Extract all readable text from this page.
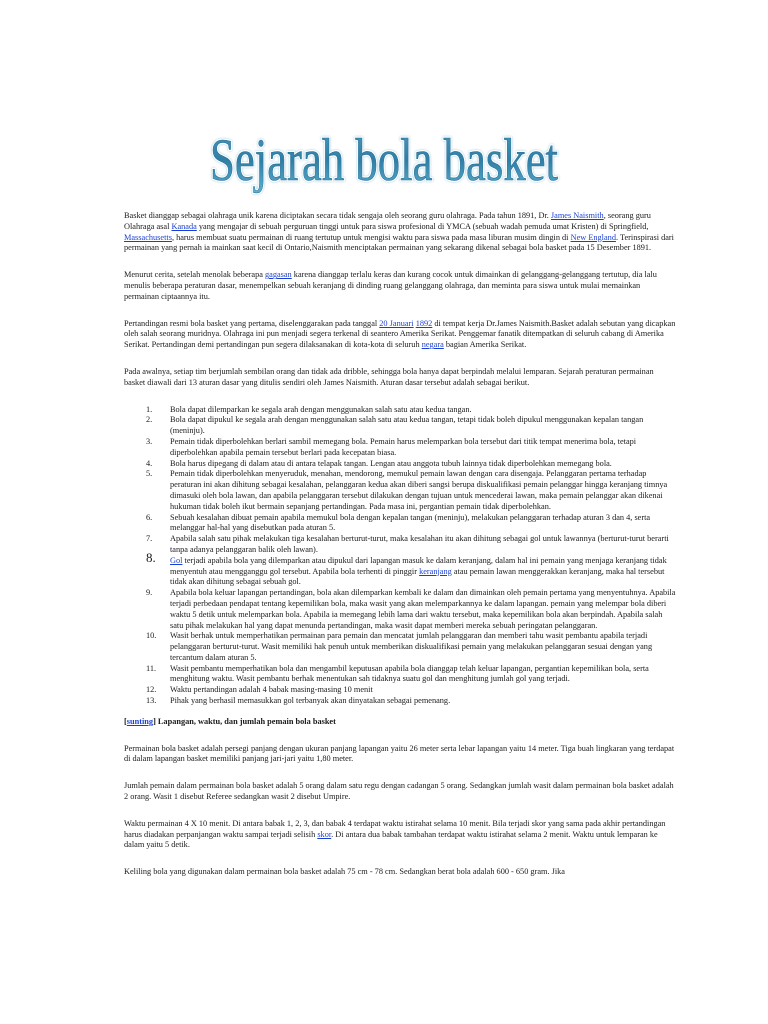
Sejarah bola basket
Sejarah bola basket

Basket dianggap sebagai olahraga unik karena diciptakan secara tidak sengaja oleh seorang guru olahraga. Pada tahun 1891, Dr. James Naismith, seorang guru Olahraga asal Kanada yang mengajar di sebuah perguruan tinggi untuk para siswa profesional di YMCA (sebuah wadah pemuda umat Kristen) di Springfield, Massachusetts, harus membuat suatu permainan di ruang tertutup untuk mengisi waktu para siswa pada masa liburan musim dingin di New England. Terinspirasi dari permainan yang pernah ia mainkan saat kecil di Ontario,Naismith menciptakan permainan yang sekarang dikenal sebagai bola basket pada 15 Desember 1891.

Menurut cerita, setelah menolak beberapa gagasan karena dianggap terlalu keras dan kurang cocok untuk dimainkan di gelanggang-gelanggang tertutup, dia lalu menulis beberapa peraturan dasar, menempelkan sebuah keranjang di dinding ruang gelanggang olahraga, dan meminta para siswa untuk mulai memainkan permainan ciptaannya itu.

Pertandingan resmi bola basket yang pertama, diselenggarakan pada tanggal 20 Januari 1892 di tempat kerja Dr.James Naismith.Basket adalah sebutan yang dicapkan oleh salah seorang muridnya. Olahraga ini pun menjadi segera terkenal di seantero Amerika Serikat. Penggemar fanatik ditempatkan di seluruh cabang di Amerika Serikat. Pertandingan demi pertandingan pun segera dilaksanakan di kota-kota di seluruh negara bagian Amerika Serikat.

Pada awalnya, setiap tim berjumlah sembilan orang dan tidak ada dribble, sehingga bola hanya dapat berpindah melalui lemparan. Sejarah peraturan permainan basket diawali dari 13 aturan dasar yang ditulis sendiri oleh James Naismith. Aturan dasar tersebut adalah sebagai berikut.

1. Bola dapat dilemparkan ke segala arah dengan menggunakan salah satu atau kedua tangan.
2. Bola dapat dipukul ke segala arah dengan menggunakan salah satu atau kedua tangan, tetapi tidak boleh dipukul menggunakan kepalan tangan (meninju).
3. Pemain tidak diperbolehkan berlari sambil memegang bola. Pemain harus melemparkan bola tersebut dari titik tempat menerima bola, tetapi diperbolehkan apabila pemain tersebut berlari pada kecepatan biasa.
4. Bola harus dipegang di dalam atau di antara telapak tangan. Lengan atau anggota tubuh lainnya tidak diperbolehkan memegang bola.
5. Pemain tidak diperbolehkan menyeruduk, menahan, mendorong, memukul pemain lawan dengan cara disengaja. Pelanggaran pertama terhadap peraturan ini akan dihitung sebagai kesalahan, pelanggaran kedua akan diberi sangsi berupa diskualifikasi pemain pelanggar hingga keranjang timnya dimasuki oleh bola lawan, dan apabila pelanggaran tersebut dilakukan dengan tujuan untuk mencederai lawan, maka pemain pelanggar akan dikenai hukuman tidak boleh ikut bermain sepanjang pertandingan. Pada masa ini, pergantian pemain tidak diperbolehkan.
6. Sebuah kesalahan dibuat pemain apabila memukul bola dengan kepalan tangan (meninju), melakukan pelanggaran terhadap aturan 3 dan 4, serta melanggar hal-hal yang disebutkan pada aturan 5.
7. Apabila salah satu pihak melakukan tiga kesalahan berturut-turut, maka kesalahan itu akan dihitung sebagai gol untuk lawannya (berturut-turut berarti tanpa adanya pelanggaran balik oleh lawan).
8. Gol terjadi apabila bola yang dilemparkan atau dipukul dari lapangan masuk ke dalam keranjang, dalam hal ini pemain yang menjaga keranjang tidak menyentuh atau mengganggu gol tersebut. Apabila bola terhenti di pinggir keranjang atau pemain lawan menggerakkan keranjang, maka hal tersebut tidak akan dihitung sebagai sebuah gol.
9. Apabila bola keluar lapangan pertandingan, bola akan dilemparkan kembali ke dalam dan dimainkan oleh pemain pertama yang menyentuhnya. Apabila terjadi perbedaan pendapat tentang kepemilikan bola, maka wasit yang akan melemparkannya ke dalam lapangan. pemain yang melempar bola diberi waktu 5 detik untuk melemparkan bola. Apabila ia memegang lebih lama dari waktu tersebut, maka kepemilikan bola akan berpindah. Apabila salah satu pihak melakukan hal yang dapat menunda pertandingan, maka wasit dapat memberi mereka sebuah peringatan pelanggaran.
10. Wasit berhak untuk memperhatikan permainan para pemain dan mencatat jumlah pelanggaran dan memberi tahu wasit pembantu apabila terjadi pelanggaran berturut-turut. Wasit memiliki hak penuh untuk memberikan diskualifikasi pemain yang melakukan pelanggaran sesuai dengan yang tercantum dalam aturan 5.
11. Wasit pembantu memperhatikan bola dan mengambil keputusan apabila bola dianggap telah keluar lapangan, pergantian kepemilikan bola, serta menghitung waktu. Wasit pembantu berhak menentukan sah tidaknya suatu gol dan menghitung jumlah gol yang terjadi.
12. Waktu pertandingan adalah 4 babak masing-masing 10 menit
13. Pihak yang berhasil memasukkan gol terbanyak akan dinyatakan sebagai pemenang.
[sunting] Lapangan, waktu, dan jumlah pemain bola basket

Permainan bola basket adalah persegi panjang dengan ukuran panjang lapangan yaitu 26 meter serta lebar lapangan yaitu 14 meter. Tiga buah lingkaran yang terdapat di dalam lapangan basket memiliki panjang jari-jari yaitu 1,80 meter.

Jumlah pemain dalam permainan bola basket adalah 5 orang dalam satu regu dengan cadangan 5 orang. Sedangkan jumlah wasit dalam permainan bola basket adalah 2 orang. Wasit 1 disebut Referee sedangkan wasit 2 disebut Umpire.

Waktu permainan 4 X 10 menit. Di antara babak 1, 2, 3, dan babak 4 terdapat waktu istirahat selama 10 menit. Bila terjadi skor yang sama pada akhir pertandingan harus diadakan perpanjangan waktu sampai terjadi selisih skor. Di antara dua babak tambahan terdapat waktu istirahat selama 2 menit. Waktu untuk lemparan ke dalam yaitu 5 detik.

Keliling bola yang digunakan dalam permainan bola basket adalah 75 cm - 78 cm. Sedangkan berat bola adalah 600 - 650 gram. Jika
